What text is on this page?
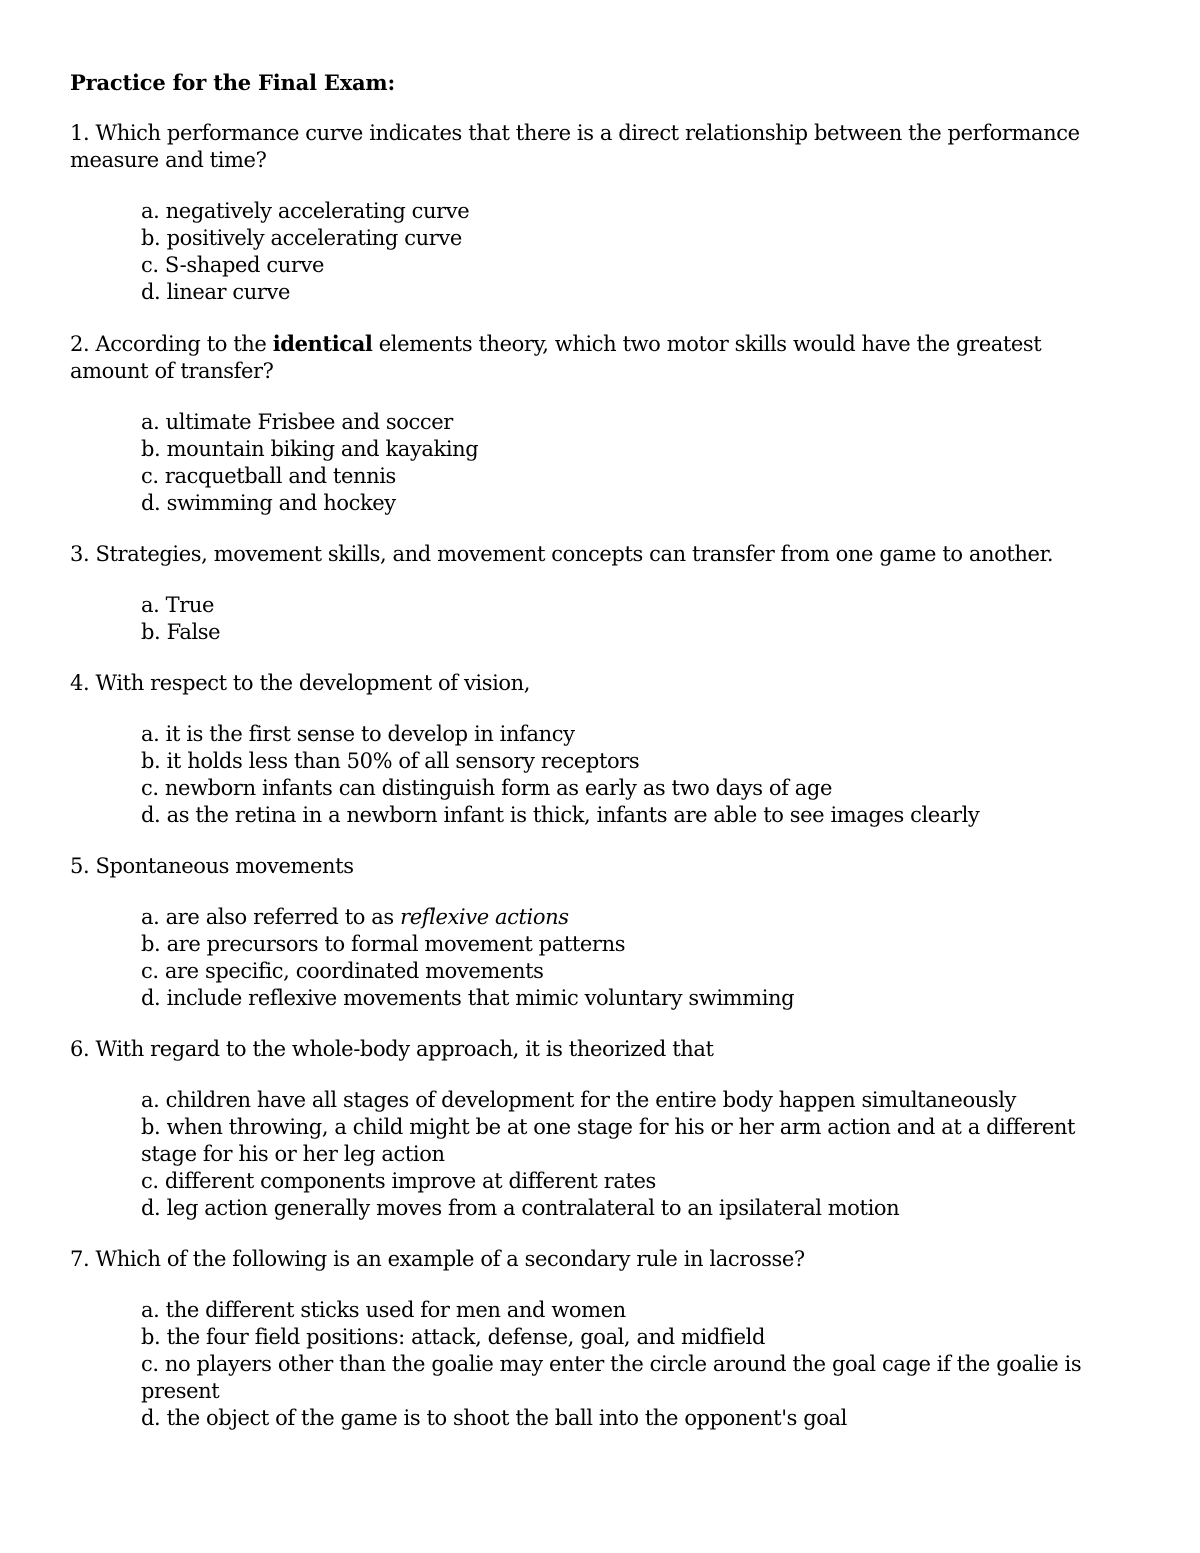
Practice for the Final Exam:

1. Which performance curve indicates that there is a direct relationship between the performance measure and time?

a. negatively accelerating curve
b. positively accelerating curve
c. S-shaped curve
d. linear curve

2. According to the identical elements theory, which two motor skills would have the greatest amount of transfer?

a. ultimate Frisbee and soccer
b. mountain biking and kayaking
c. racquetball and tennis
d. swimming and hockey

3. Strategies, movement skills, and movement concepts can transfer from one game to another.

a. True
b. False

4. With respect to the development of vision,

a. it is the first sense to develop in infancy
b. it holds less than 50% of all sensory receptors
c. newborn infants can distinguish form as early as two days of age
d. as the retina in a newborn infant is thick, infants are able to see images clearly

5. Spontaneous movements

a. are also referred to as reflexive actions
b. are precursors to formal movement patterns
c. are specific, coordinated movements
d. include reflexive movements that mimic voluntary swimming

6. With regard to the whole-body approach, it is theorized that

a. children have all stages of development for the entire body happen simultaneously
b. when throwing, a child might be at one stage for his or her arm action and at a different stage for his or her leg action
c. different components improve at different rates
d. leg action generally moves from a contralateral to an ipsilateral motion

7. Which of the following is an example of a secondary rule in lacrosse?

a. the different sticks used for men and women
b. the four field positions: attack, defense, goal, and midfield
c. no players other than the goalie may enter the circle around the goal cage if the goalie is present
d. the object of the game is to shoot the ball into the opponent's goal
